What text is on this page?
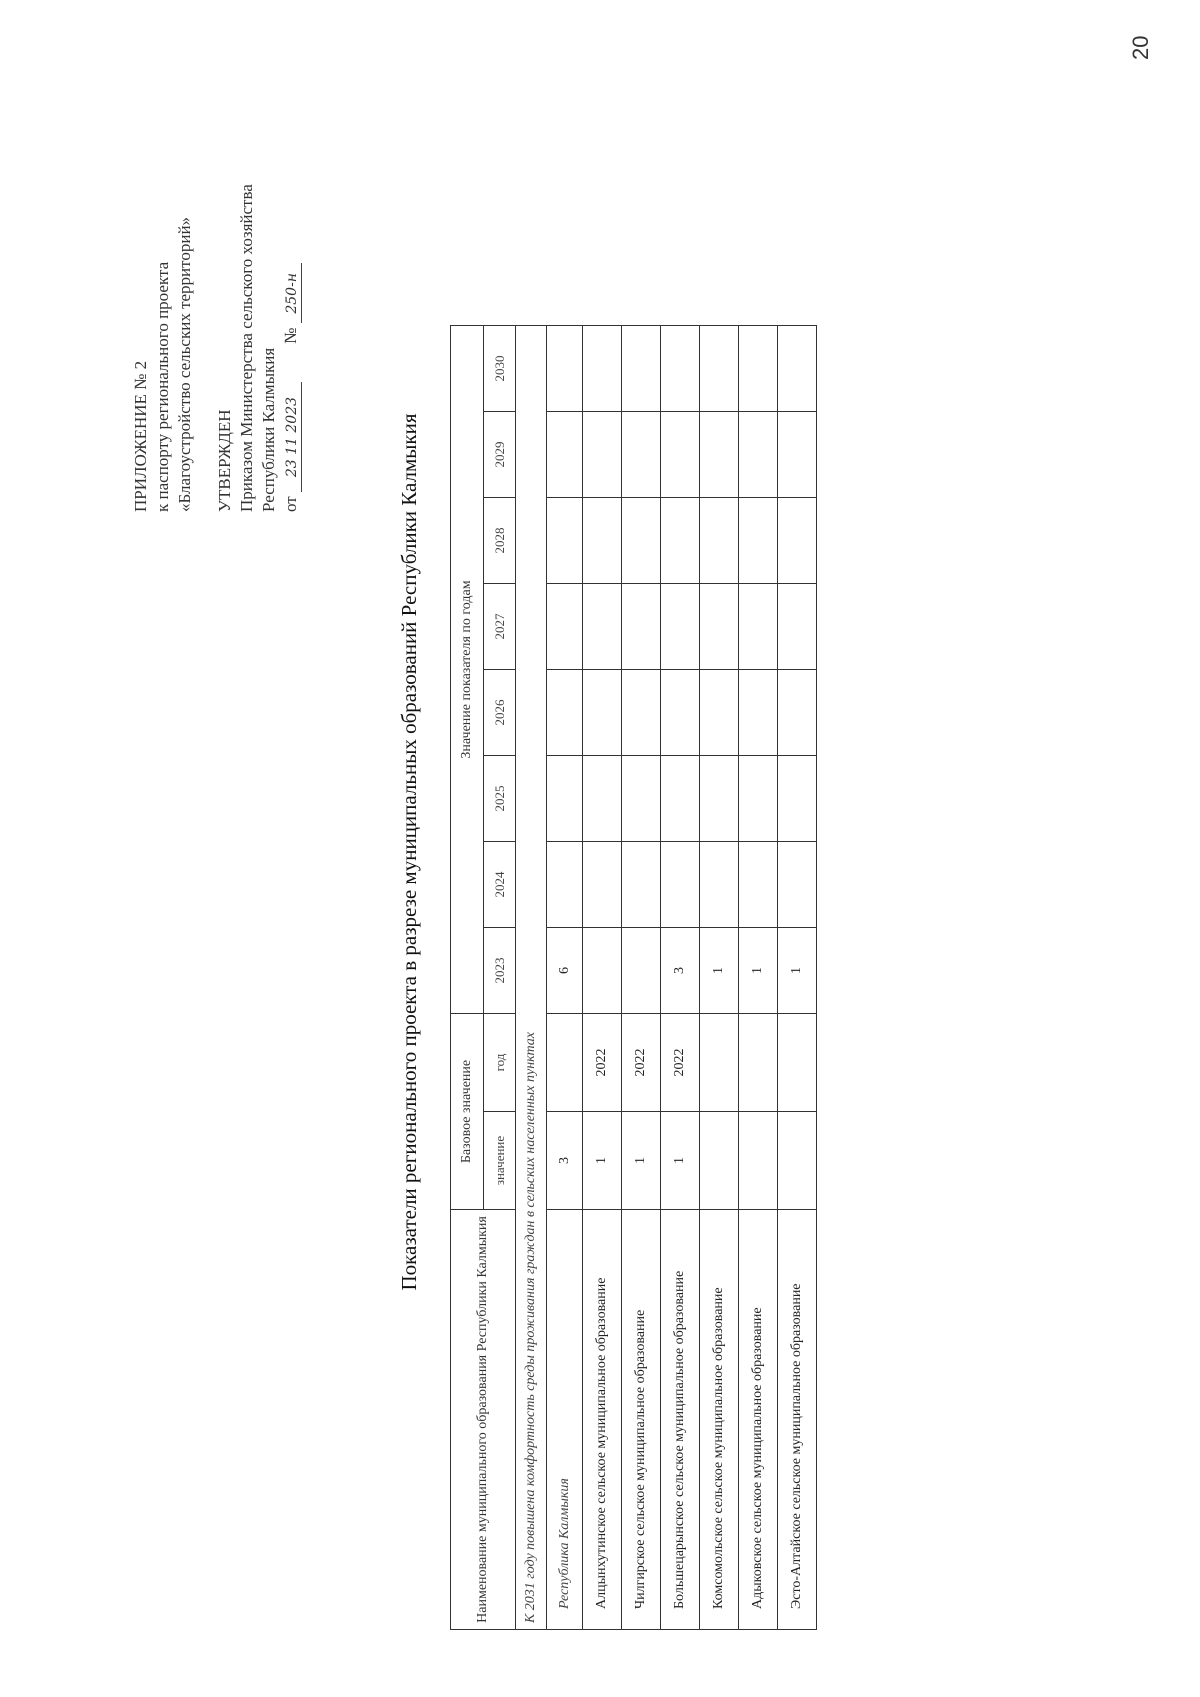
20
ПРИЛОЖЕНИЕ № 2 к паспорту регионального проекта «Благоустройство сельских территорий» УТВЕРЖДЕН Приказом Министерства сельского хозяйства Республики Калмыкия от 23 11 2023 № 250-н
Показатели регионального проекта в разрезе муниципальных образований Республики Калмыкия
Наименование муниципального образования Республики Калмыкия	Базовое значение		Значение показателя по годам							
	значение	год	2023	2024	2025	2026	2027	2028	2029	2030
К 2031 году повышена комфортность среды проживания граждан в сельских населенных пунктах										
Республика Калмыкия	3		6							
Алцынхутинское сельское муниципальное образование	1	2022								
Чилгирское сельское муниципальное образование	1	2022								
Большецарынское сельское муниципальное образование	1	2022	3							
Комсомольское сельское муниципальное образование			1							
Адыковское сельское муниципальное образование			1							
Эсто-Алтайское сельское муниципальное образование			1							
